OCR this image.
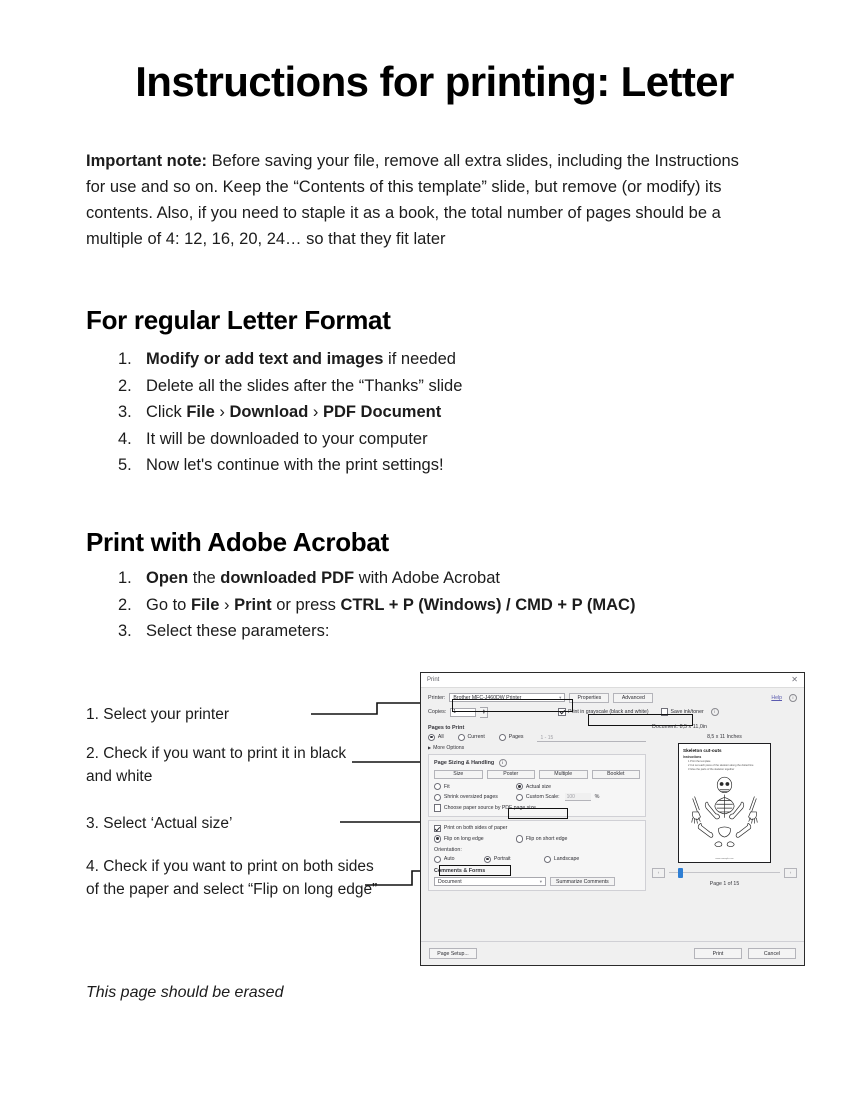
Instructions for printing: Letter
Important note: Before saving your file, remove all extra slides, including the Instructions for use and so on. Keep the “Contents of this template” slide, but remove (or modify) its contents. Also, if you need to staple it as a book, the total number of pages should be a multiple of 4: 12, 16, 20, 24… so that they fit later
For regular Letter Format
1. Modify or add text and images if needed
2. Delete all the slides after the “Thanks” slide
3. Click File › Download › PDF Document
4. It will be downloaded to your computer
5. Now let's continue with the print settings!
Print with Adobe Acrobat
1. Open the downloaded PDF with Adobe Acrobat
2. Go to File › Print or press CTRL + P (Windows) / CMD + P (MAC)
3. Select these parameters:
1. Select your printer
2. Check if you want to print it in black and white
3. Select ‘Actual size’
4. Check if you want to print on both sides of the paper and select “Flip on long edge”
This page should be erased
Print	✕
Printer: Brother MFC-J460DW Printer	▾	Properties	Advanced	Help	i
Copies:	1	▲
▼	Print in grayscale (black and white)	Save ink/toner	i
Pages to Print
All	Current	Pages	1 - 15
▶ More Options
Page Sizing & Handling i
Size	Poster	Multiple	Booklet
Fit	Actual size
Shrink oversized pages	Custom Scale:	100	%
Choose paper source by PDF page size
Print on both sides of paper
Flip on long edge	Flip on short edge
Orientation:
Auto	Portrait	Landscape
Comments & Forms
Document	▾	Summarize Comments
Document: 8,5 x 11,0in
8,5 x 11 Inches
Skeleton cut-outs
Instructions
1 Print the template
2 Cut out each piece of the skeleton along the dotted line
3 Glue the parts of the skeleton together
www.example.com
‹	›
Page 1 of 15
Page Setup...	Print	Cancel
